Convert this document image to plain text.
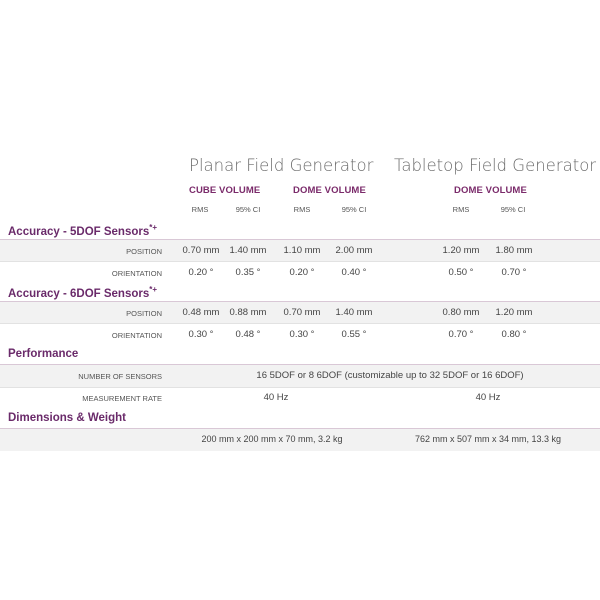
Planar Field Generator Tabletop Field Generator
CUBE VOLUME	DOME VOLUME	DOME VOLUME
RMS	95% CI	RMS	95% CI	RMS	95% CI
Accuracy - 5DOF Sensors*+
POSITION	0.70 mm	1.40 mm	1.10 mm	2.00 mm	1.20 mm	1.80 mm
ORIENTATION	0.20 °	0.35 °	0.20 °	0.40 °	0.50 °	0.70 °
Accuracy - 6DOF Sensors*+
POSITION	0.48 mm	0.88 mm	0.70 mm	1.40 mm	0.80 mm	1.20 mm
ORIENTATION	0.30 °	0.48 °	0.30 °	0.55 °	0.70 °	0.80 °
Performance
NUMBER OF SENSORS	16 5DOF or 8 6DOF (customizable up to 32 5DOF or 16 6DOF)
MEASUREMENT RATE	40 Hz	40 Hz
Dimensions & Weight
200 mm x 200 mm x 70 mm, 3.2 kg	762 mm x 507 mm x 34 mm, 13.3 kg
